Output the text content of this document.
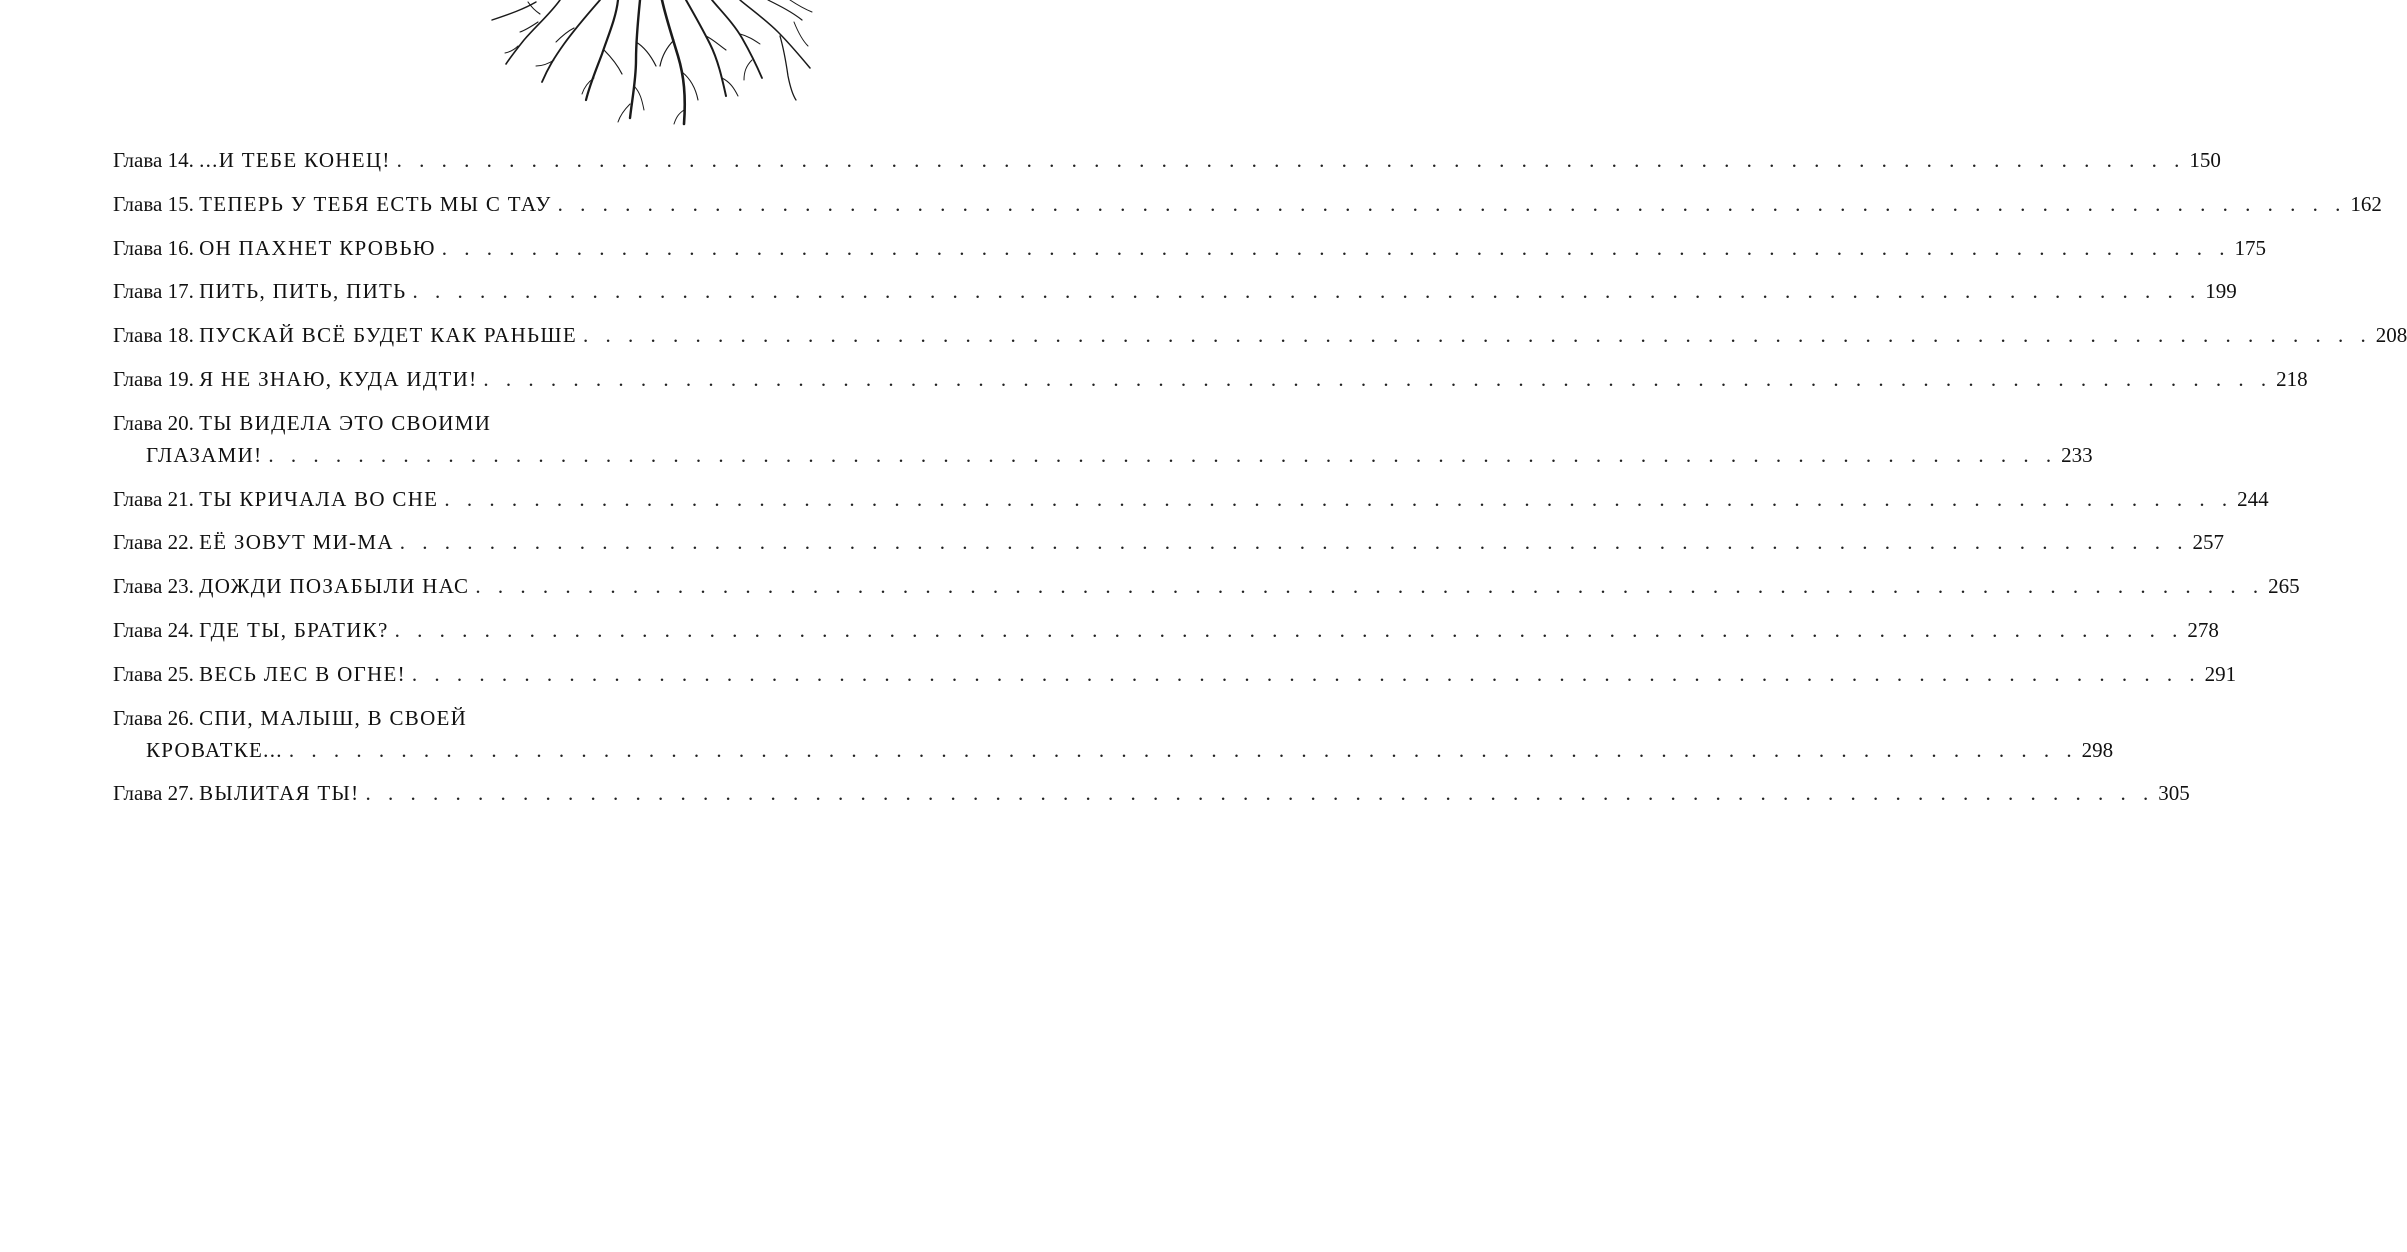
Глава 14.
...И ТЕБЕ КОНЕЦ! . . . . . . . . . . . . . . . . . . . . . . . . . . . . . . . . . . . . . . . . . . . . . . . . . . . . . . . . . . . . . . . . . . . . . . . . . . . . . . . . 150
Глава 15.
ТЕПЕРЬ У ТЕБЯ ЕСТЬ МЫ С ТАУ . . . . . . . . . . . . . . . . . . . . . . . . . . . . . . . . . . . . . . . . . . . . . . . . . . . . . . . . . . . . . . . . . . . . . . . . . . . . . . . . 162
Глава 16.
ОН ПАХНЕТ КРОВЬЮ . . . . . . . . . . . . . . . . . . . . . . . . . . . . . . . . . . . . . . . . . . . . . . . . . . . . . . . . . . . . . . . . . . . . . . . . . . . . . . . . 175
Глава 17.
ПИТЬ, ПИТЬ, ПИТЬ . . . . . . . . . . . . . . . . . . . . . . . . . . . . . . . . . . . . . . . . . . . . . . . . . . . . . . . . . . . . . . . . . . . . . . . . . . . . . . . . 199
Глава 18.
ПУСКАЙ ВСЁ БУДЕТ КАК РАНЬШЕ . . . . . . . . . . . . . . . . . . . . . . . . . . . . . . . . . . . . . . . . . . . . . . . . . . . . . . . . . . . . . . . . . . . . . . . . . . . . . . . . 208
Глава 19.
Я НЕ ЗНАЮ, КУДА ИДТИ! . . . . . . . . . . . . . . . . . . . . . . . . . . . . . . . . . . . . . . . . . . . . . . . . . . . . . . . . . . . . . . . . . . . . . . . . . . . . . . . . 218
Глава 20.
ТЫ ВИДЕЛА ЭТО СВОИМИ
ГЛАЗАМИ! . . . . . . . . . . . . . . . . . . . . . . . . . . . . . . . . . . . . . . . . . . . . . . . . . . . . . . . . . . . . . . . . . . . . . . . . . . . . . . . . 233
Глава 21.
ТЫ КРИЧАЛА ВО СНЕ . . . . . . . . . . . . . . . . . . . . . . . . . . . . . . . . . . . . . . . . . . . . . . . . . . . . . . . . . . . . . . . . . . . . . . . . . . . . . . . . 244
Глава 22.
ЕЁ ЗОВУТ МИ-МА . . . . . . . . . . . . . . . . . . . . . . . . . . . . . . . . . . . . . . . . . . . . . . . . . . . . . . . . . . . . . . . . . . . . . . . . . . . . . . . . 257
Глава 23.
ДОЖДИ ПОЗАБЫЛИ НАС . . . . . . . . . . . . . . . . . . . . . . . . . . . . . . . . . . . . . . . . . . . . . . . . . . . . . . . . . . . . . . . . . . . . . . . . . . . . . . . . 265
Глава 24.
ГДЕ ТЫ, БРАТИК? . . . . . . . . . . . . . . . . . . . . . . . . . . . . . . . . . . . . . . . . . . . . . . . . . . . . . . . . . . . . . . . . . . . . . . . . . . . . . . . . 278
Глава 25.
ВЕСЬ ЛЕС В ОГНЕ! . . . . . . . . . . . . . . . . . . . . . . . . . . . . . . . . . . . . . . . . . . . . . . . . . . . . . . . . . . . . . . . . . . . . . . . . . . . . . . . . 291
Глава 26.
СПИ, МАЛЫШ, В СВОЕЙ
КРОВАТКЕ... . . . . . . . . . . . . . . . . . . . . . . . . . . . . . . . . . . . . . . . . . . . . . . . . . . . . . . . . . . . . . . . . . . . . . . . . . . . . . . . . 298
Глава 27.
ВЫЛИТАЯ ТЫ! . . . . . . . . . . . . . . . . . . . . . . . . . . . . . . . . . . . . . . . . . . . . . . . . . . . . . . . . . . . . . . . . . . . . . . . . . . . . . . . . 305
